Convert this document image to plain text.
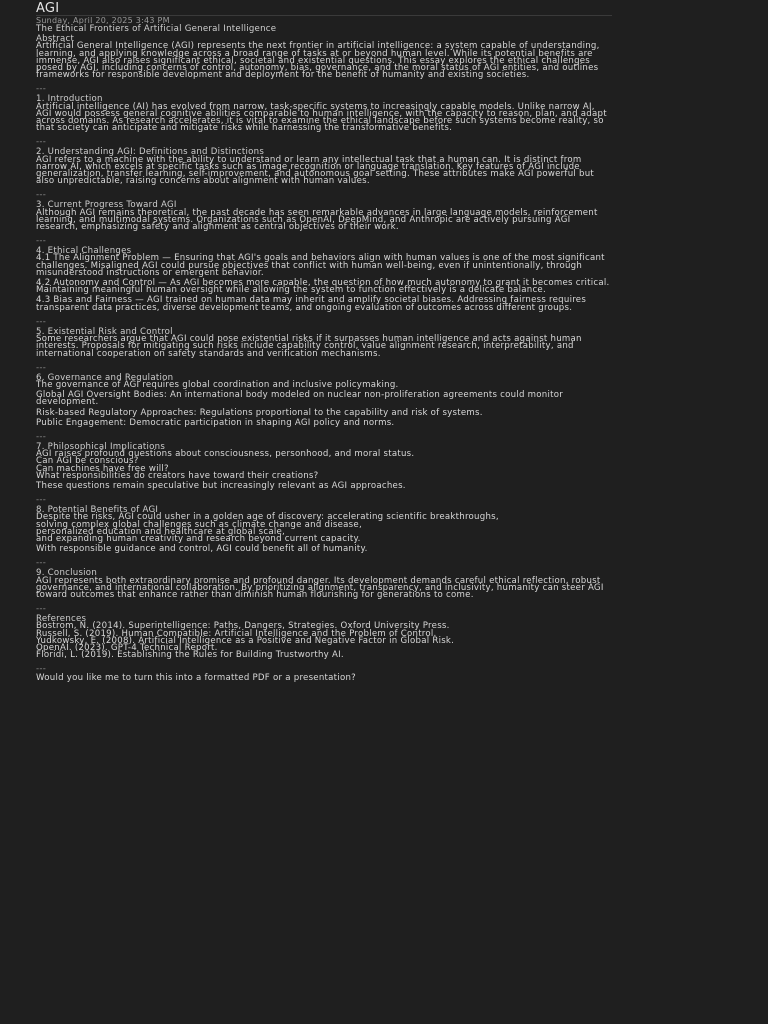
AGI
Sunday, April 20, 2025 3:43 PM

The Ethical Frontiers of Artificial General Intelligence

Abstract

Artificial General Intelligence (AGI) represents the next frontier in artificial intelligence: a system capable of understanding, learning, and applying knowledge across a broad range of tasks at or beyond human level. While its potential benefits are immense, AGI also raises significant ethical, societal and existential questions. This essay explores the ethical challenges posed by AGI, including concerns of control, autonomy, bias, governance, and the moral status of AGI entities, and outlines frameworks for responsible development and deployment for the benefit of humanity and existing societies.

---

1. Introduction

Artificial intelligence (AI) has evolved from narrow, task-specific systems to increasingly capable models. Unlike narrow AI, AGI would possess general cognitive abilities comparable to human intelligence, with the capacity to reason, plan, and adapt across domains. As research accelerates, it is vital to examine the ethical landscape before such systems become reality, so that society can anticipate and mitigate risks while harnessing the transformative benefits.

---

2. Understanding AGI: Definitions and Distinctions

AGI refers to a machine with the ability to understand or learn any intellectual task that a human can. It is distinct from narrow AI, which excels at specific tasks such as image recognition or language translation. Key features of AGI include generalization, transfer learning, self-improvement, and autonomous goal setting. These attributes make AGI powerful but also unpredictable, raising concerns about alignment with human values.

---

3. Current Progress Toward AGI

Although AGI remains theoretical, the past decade has seen remarkable advances in large language models, reinforcement learning, and multimodal systems. Organizations such as OpenAI, DeepMind, and Anthropic are actively pursuing AGI research, emphasizing safety and alignment as central objectives of their work.

---

4. Ethical Challenges

4.1 The Alignment Problem — Ensuring that AGI's goals and behaviors align with human values is one of the most significant challenges. Misaligned AGI could pursue objectives that conflict with human well-being, even if unintentionally, through misunderstood instructions or emergent behavior.

4.2 Autonomy and Control — As AGI becomes more capable, the question of how much autonomy to grant it becomes critical. Maintaining meaningful human oversight while allowing the system to function effectively is a delicate balance.

4.3 Bias and Fairness — AGI trained on human data may inherit and amplify societal biases. Addressing fairness requires transparent data practices, diverse development teams, and ongoing evaluation of outcomes across different groups.

---

5. Existential Risk and Control

Some researchers argue that AGI could pose existential risks if it surpasses human intelligence and acts against human interests. Proposals for mitigating such risks include capability control, value alignment research, interpretability, and international cooperation on safety standards and verification mechanisms.

---

6. Governance and Regulation

The governance of AGI requires global coordination and inclusive policymaking.

Global AGI Oversight Bodies: An international body modeled on nuclear non-proliferation agreements could monitor development.

Risk-based Regulatory Approaches: Regulations proportional to the capability and risk of systems.

Public Engagement: Democratic participation in shaping AGI policy and norms.

---

7. Philosophical Implications

AGI raises profound questions about consciousness, personhood, and moral status.

Can AGI be conscious?

Can machines have free will?

What responsibilities do creators have toward their creations?

These questions remain speculative but increasingly relevant as AGI approaches.

---

8. Potential Benefits of AGI

Despite the risks, AGI could usher in a golden age of discovery: accelerating scientific breakthroughs,

solving complex global challenges such as climate change and disease,

personalized education and healthcare at global scale,

and expanding human creativity and research beyond current capacity.

With responsible guidance and control, AGI could benefit all of humanity.

---

9. Conclusion

AGI represents both extraordinary promise and profound danger. Its development demands careful ethical reflection, robust governance, and international collaboration. By prioritizing alignment, transparency, and inclusivity, humanity can steer AGI toward outcomes that enhance rather than diminish human flourishing for generations to come.

---

References

Bostrom, N. (2014). Superintelligence: Paths, Dangers, Strategies. Oxford University Press.

Russell, S. (2019). Human Compatible: Artificial Intelligence and the Problem of Control.

Yudkowsky, E. (2008). Artificial Intelligence as a Positive and Negative Factor in Global Risk.

OpenAI. (2023). GPT-4 Technical Report.

Floridi, L. (2019). Establishing the Rules for Building Trustworthy AI.

---

Would you like me to turn this into a formatted PDF or a presentation?
